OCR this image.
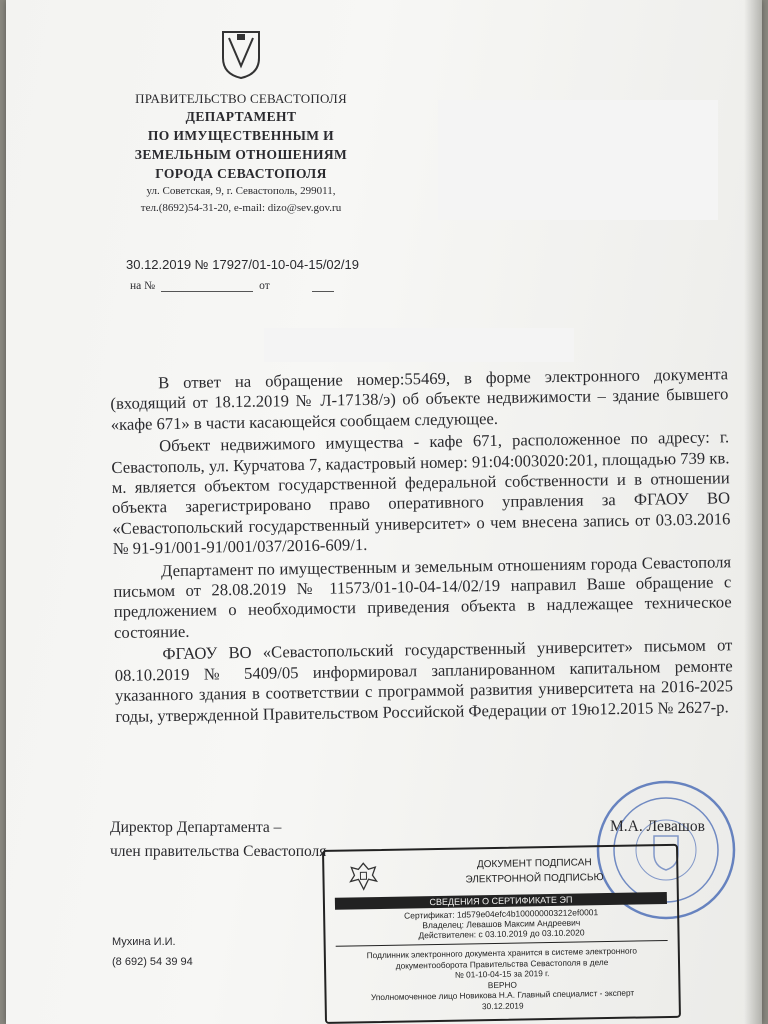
ПРАВИТЕЛЬСТВО СЕВАСТОПОЛЯ
ДЕПАРТАМЕНТ
ПО ИМУЩЕСТВЕННЫМ И
ЗЕМЕЛЬНЫМ ОТНОШЕНИЯМ
ГОРОДА СЕВАСТОПОЛЯ
ул. Советская, 9, г. Севастополь, 299011,
тел.(8692)54-31-20, e-mail: dizo@sev.gov.ru
30.12.2019 № 17927/01-10-04-15/02/19
на №	от

В ответ на обращение номер:55469, в форме электронного документа (входящий от 18.12.2019 № Л-17138/э) об объекте недвижимости – здание бывшего «кафе 671» в части касающейся сообщаем следующее.

Объект недвижимого имущества - кафе 671, расположенное по адресу: г. Севастополь, ул. Курчатова 7, кадастровый номер: 91:04:003020:201, площадью 739 кв. м. является объектом государственной федеральной собственности и в отношении объекта зарегистрировано право оперативного управления за ФГАОУ ВО «Севастопольский государственный университет» о чем внесена запись от 03.03.2016 № 91-91/001-91/001/037/2016-609/1.

Департамент по имущественным и земельным отношениям города Севастополя письмом от 28.08.2019 № 11573/01-10-04-14/02/19 направил Ваше обращение с предложением о необходимости приведения объекта в надлежащее техническое состояние.

ФГАОУ ВО «Севастопольский государственный университет» письмом от 08.10.2019 № 5409/05 информировал запланированном капитальном ремонте указанного здания в соответствии с программой развития университета на 2016-2025 годы, утвержденной Правительством Российской Федерации от 19ю12.2015 № 2627-р.

Директор Департамента –
член правительства Севастополя
М.А. Левашов
Мухина И.И.
(8 692) 54 39 94
ДОКУМЕНТ ПОДПИСАН
ЭЛЕКТРОННОЙ ПОДПИСЬЮ
СВЕДЕНИЯ О СЕРТИФИКАТЕ ЭП
Сертификат: 1d579e04efc4b100000003212ef0001
Владелец: Левашов Максим Андреевич
Действителен: с 03.10.2019 до 03.10.2020
Подлинник электронного документа хранится в системе электронного
документооборота Правительства Севастополя в деле
№ 01-10-04-15 за 2019 г.
ВЕРНО
Уполномоченное лицо Новикова Н.А. Главный специалист - эксперт
30.12.2019
